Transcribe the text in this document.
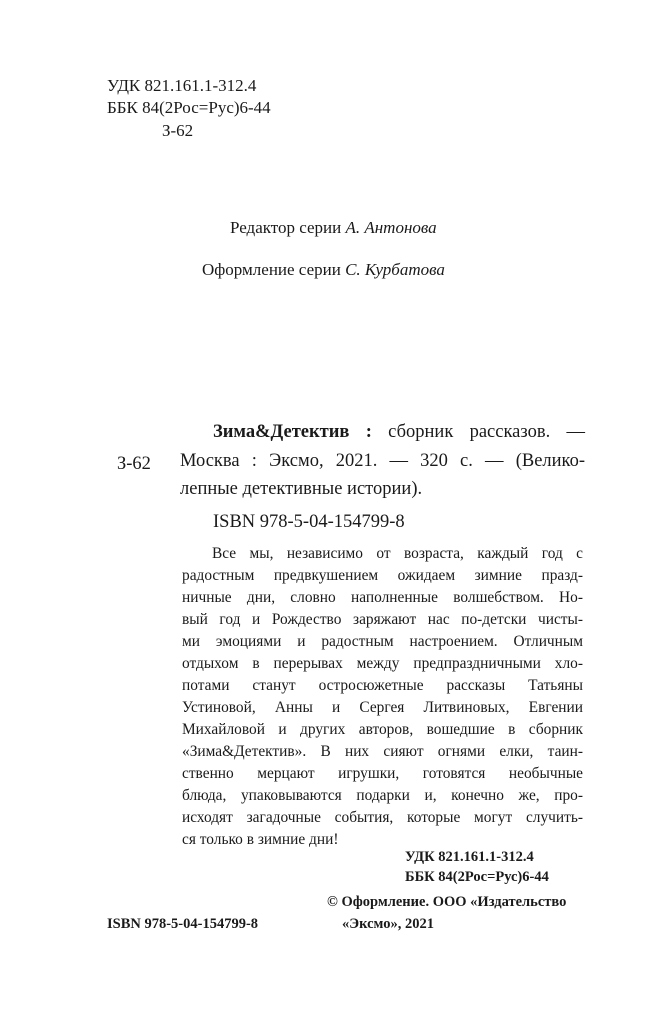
УДК 821.161.1-312.4
ББК 84(2Рос=Рус)6-44
З-62
Редактор серии А. Антонова
Оформление серии С. Курбатова
Зима&Детектив : сборник рассказов. —
З-62 Москва : Эксмо, 2021. — 320 с. — (Велико-
лепные детективные истории).
ISBN 978-5-04-154799-8
Все мы, независимо от возраста, каждый год с
радостным предвкушением ожидаем зимние празд-
ничные дни, словно наполненные волшебством. Но-
вый год и Рождество заряжают нас по-детски чисты-
ми эмоциями и радостным настроением. Отличным
отдыхом в перерывах между предпраздничными хло-
потами станут остросюжетные рассказы Татьяны
Устиновой, Анны и Сергея Литвиновых, Евгении
Михайловой и других авторов, вошедшие в сборник
«Зима&Детектив». В них сияют огнями елки, таин-
ственно мерцают игрушки, готовятся необычные
блюда, упаковываются подарки и, конечно же, про-
исходят загадочные события, которые могут случить-
ся только в зимние дни!
УДК 821.161.1-312.4
ББК 84(2Рос=Рус)6-44
© Оформление. ООО «Издательство
«Эксмо», 2021
ISBN 978-5-04-154799-8
